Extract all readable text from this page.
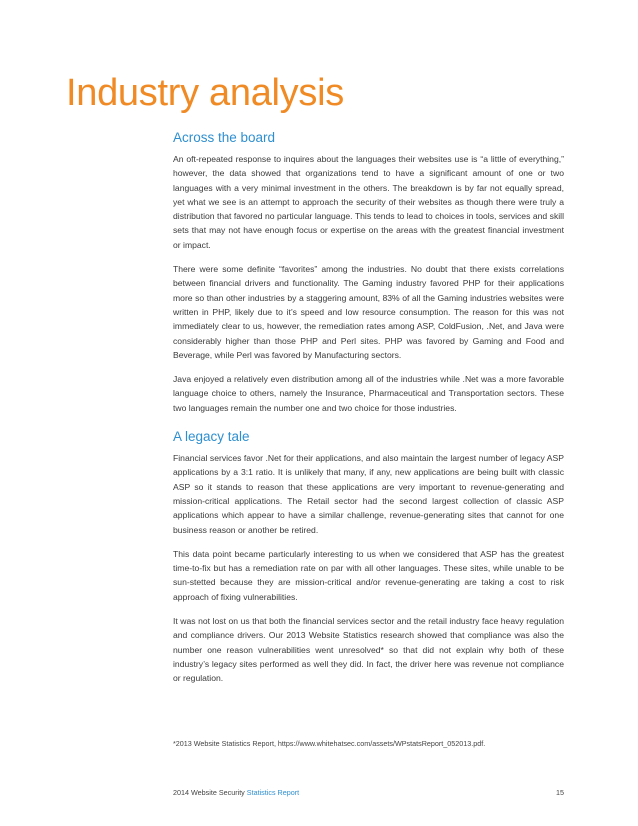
Industry analysis
Across the board

An oft-repeated response to inquires about the languages their websites use is “a little of everything,” however, the data showed that organizations tend to have a significant amount of one or two languages with a very minimal investment in the others. The breakdown is by far not equally spread, yet what we see is an attempt to approach the security of their websites as though there were truly a distribution that favored no particular language. This tends to lead to choices in tools, services and skill sets that may not have enough focus or expertise on the areas with the greatest financial investment or impact.

There were some definite “favorites” among the industries. No doubt that there exists correlations between financial drivers and functionality. The Gaming industry favored PHP for their applications more so than other industries by a staggering amount, 83% of all the Gaming industries websites were written in PHP, likely due to it’s speed and low resource consumption. The reason for this was not immediately clear to us, however, the remediation rates among ASP, ColdFusion, .Net, and Java were considerably higher than those PHP and Perl sites. PHP was favored by Gaming and Food and Beverage, while Perl was favored by Manufacturing sectors.

Java enjoyed a relatively even distribution among all of the industries while .Net was a more favorable language choice to others, namely the Insurance, Pharmaceutical and Transportation sectors. These two languages remain the number one and two choice for those industries.

A legacy tale

Financial services favor .Net for their applications, and also maintain the largest number of legacy ASP applications by a 3:1 ratio. It is unlikely that many, if any, new applications are being built with classic ASP so it stands to reason that these applications are very important to revenue-generating and mission-critical applications. The Retail sector had the second largest collection of classic ASP applications which appear to have a similar challenge, revenue-generating sites that cannot for one business reason or another be retired.

This data point became particularly interesting to us when we considered that ASP has the greatest time-to-fix but has a remediation rate on par with all other languages. These sites, while unable to be sun-stetted because they are mission-critical and/or revenue-generating are taking a cost to risk approach of fixing vulnerabilities.

It was not lost on us that both the financial services sector and the retail industry face heavy regulation and compliance drivers. Our 2013 Website Statistics research showed that compliance was also the number one reason vulnerabilities went unresolved* so that did not explain why both of these industry’s legacy sites performed as well they did. In fact, the driver here was revenue not compliance or regulation.

*2013 Website Statistics Report, https://www.whitehatsec.com/assets/WPstatsReport_052013.pdf.

2014 Website Security Statistics Report	15
